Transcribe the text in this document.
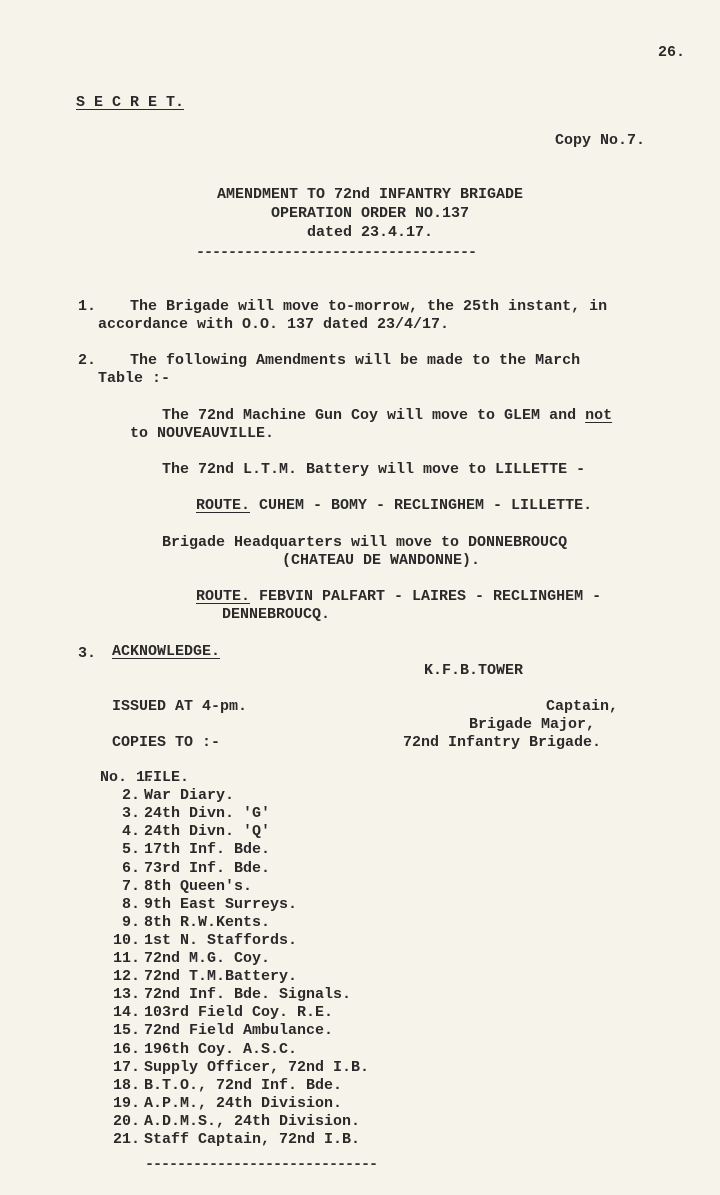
26.
S E C R E T.
Copy No.7.
AMENDMENT TO 72nd INFANTRY BRIGADE
OPERATION ORDER NO.137
dated 23.4.17.
-----------------------------------
1. The Brigade will move to-morrow, the 25th instant, in
accordance with O.O. 137 dated 23/4/17.
2. The following Amendments will be made to the March
Table :-
The 72nd Machine Gun Coy will move to GLEM and not
to NOUVEAUVILLE.
The 72nd L.T.M. Battery will move to LILLETTE -
ROUTE. CUHEM - BOMY - RECLINGHEM - LILLETTE.
Brigade Headquarters will move to DONNEBROUCQ
(CHATEAU DE WANDONNE).
ROUTE. FEBVIN PALFART - LAIRES - RECLINGHEM -
DENNEBROUCQ.
3. ACKNOWLEDGE.
K.F.B.TOWER
Captain,
Brigade Major,
72nd Infantry Brigade.
ISSUED AT 4-pm.
COPIES TO :-
No. 1.
FILE.
2. War Diary.
3. 24th Divn. 'G'
4. 24th Divn. 'Q'
5. 17th Inf. Bde.
6. 73rd Inf. Bde.
7. 8th Queen's.
8. 9th East Surreys.
9. 8th R.W.Kents.
10. 1st N. Staffords.
11. 72nd M.G. Coy.
12. 72nd T.M.Battery.
13. 72nd Inf. Bde. Signals.
14. 103rd Field Coy. R.E.
15. 72nd Field Ambulance.
16. 196th Coy. A.S.C.
17. Supply Officer, 72nd I.B.
18. B.T.O., 72nd Inf. Bde.
19. A.P.M., 24th Division.
20. A.D.M.S., 24th Division.
21. Staff Captain, 72nd I.B.
-----------------------------
